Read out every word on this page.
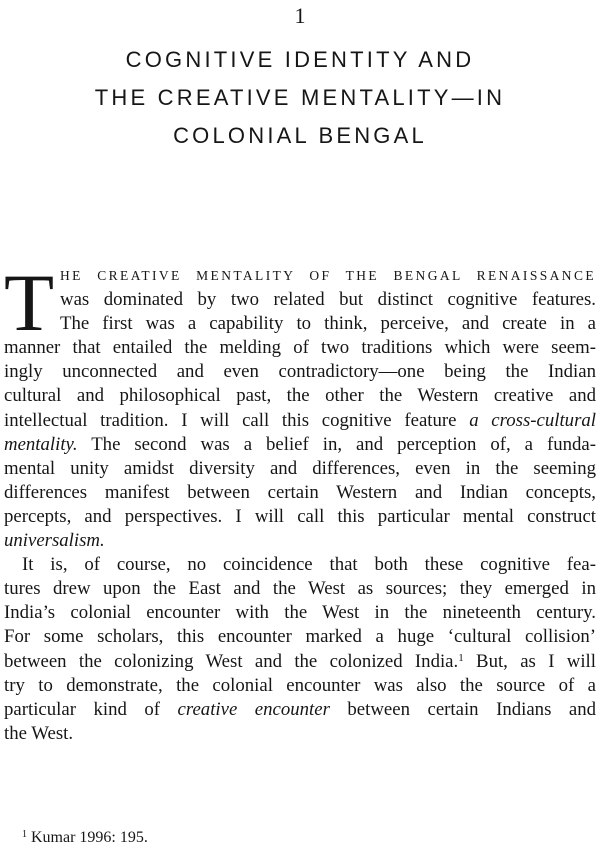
1
COGNITIVE IDENTITY AND
THE CREATIVE MENTALITY—IN
COLONIAL BENGAL
T HE CREATIVE MENTALITY OF THE BENGAL RENAISSANCE
was dominated by two related but distinct cognitive features.
The first was a capability to think, perceive, and create in a
manner that entailed the melding of two traditions which were seem-
ingly unconnected and even contradictory—one being the Indian
cultural and philosophical past, the other the Western creative and
intellectual tradition. I will call this cognitive feature a cross-cultural
mentality. The second was a belief in, and perception of, a funda-
mental unity amidst diversity and differences, even in the seeming
differences manifest between certain Western and Indian concepts,
percepts, and perspectives. I will call this particular mental construct
universalism.
It is, of course, no coincidence that both these cognitive fea-
tures drew upon the East and the West as sources; they emerged in
India’s colonial encounter with the West in the nineteenth century.
For some scholars, this encounter marked a huge ‘cultural collision’
between the colonizing West and the colonized India.$^1$ But, as I will
try to demonstrate, the colonial encounter was also the source of a
particular kind of creative encounter between certain Indians and
the West.
$^1$ Kumar 1996: 195.
